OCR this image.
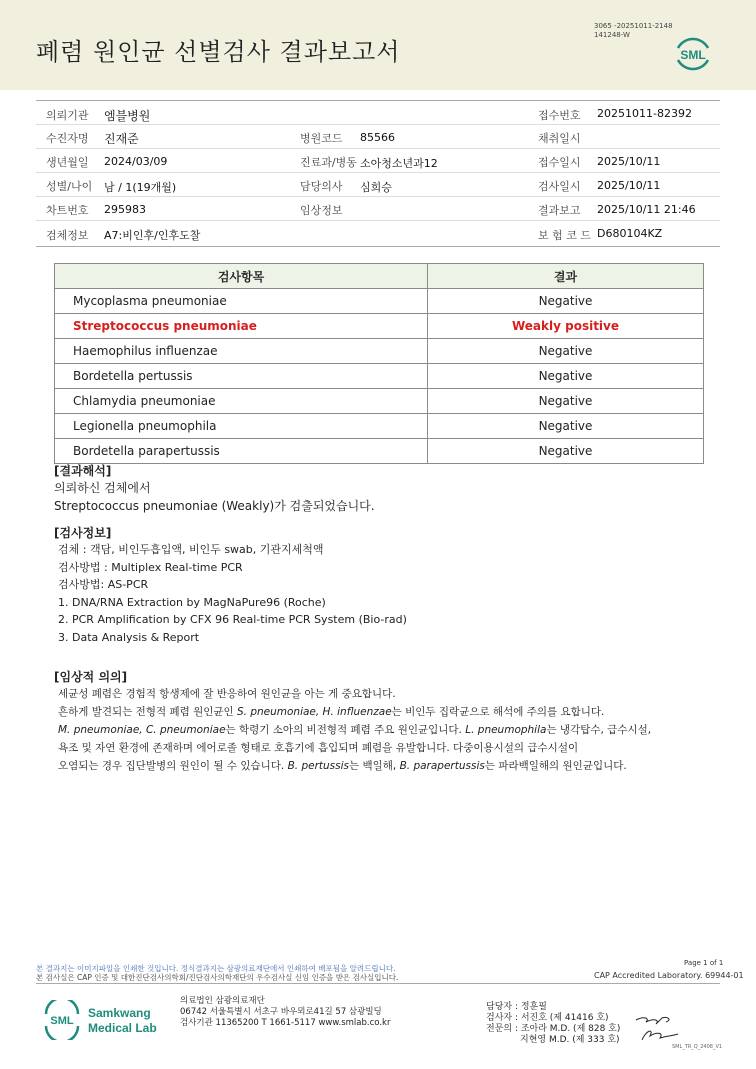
폐렴 원인균 선별검사 결과보고서
3065 -20251011-2148
141248-W
SML
의뢰기관 엠블병원	접수번호 20251011-82392
수진자명 진재준	병원코드 85566	채취일시
생년월일 2024/03/09	진료과/병동 소아청소년과12	접수일시 2025/10/11
성별/나이 남 / 1(19개월)	담당의사 심희승	검사일시 2025/10/11
차트번호 295983	임상정보	결과보고 2025/10/11 21:46
검체정보 A7:비인후/인후도찰	보 험 코 드 D680104KZ
검사항목	결과
Mycoplasma pneumoniae	Negative
Streptococcus pneumoniae	Weakly positive
Haemophilus influenzae	Negative
Bordetella pertussis	Negative
Chlamydia pneumoniae	Negative
Legionella pneumophila	Negative
Bordetella parapertussis	Negative

[결과해석]

의뢰하신 검체에서

Streptococcus pneumoniae (Weakly)가 검출되었습니다.

[검사정보]

검체 : 객담, 비인두흡입액, 비인두 swab, 기관지세척액

검사방법 : Multiplex Real-time PCR

검사방법: AS-PCR

1. DNA/RNA Extraction by MagNaPure96 (Roche)

2. PCR Amplification by CFX 96 Real-time PCR System (Bio-rad)

3. Data Analysis & Report

[임상적 의의]

세균성 폐렴은 경험적 항생제에 잘 반응하여 원인균을 아는 게 중요합니다.

흔하게 발견되는 전형적 폐렴 원인균인 S. pneumoniae, H. influenzae는 비인두 집락균으로 해석에 주의를 요합니다.

M. pneumoniae, C. pneumoniae는 학령기 소아의 비전형적 폐렴 주요 원인균입니다. L. pneumophila는 냉각탑수, 급수시설,

욕조 및 자연 환경에 존재하며 에어로졸 형태로 호흡기에 흡입되며 폐렴을 유발합니다. 다중이용시설의 급수시설이

오염되는 경우 집단발병의 원인이 될 수 있습니다. B. pertussis는 백일해, B. parapertussis는 파라백일해의 원인균입니다.

Page 1 of 1
본 결과지는 이미지파일을 인쇄한 것입니다. 정식결과지는 삼광의료재단에서 인쇄하여 배포됨을 알려드립니다.
본 검사실은 CAP 인증 및 대한진단검사의학회/진단검사의학재단의 우수검사실 신임 인증을 받은 검사실입니다.	CAP Accredited Laboratory. 69944-01
SML
Samkwang
Medical Lab
의료법인 삼광의료재단
06742 서울특별시 서초구 바우뫼로41길 57 삼광빌딩
검사기관 11365200 T 1661-5117 www.smlab.co.kr
담당자 : 정훈필
검사자 : 서진호 (제 41416 호)
전문의 : 조아라 M.D. (제 828 호)
지현영 M.D. (제 333 호)
SML_TR_Q_2408_V1
